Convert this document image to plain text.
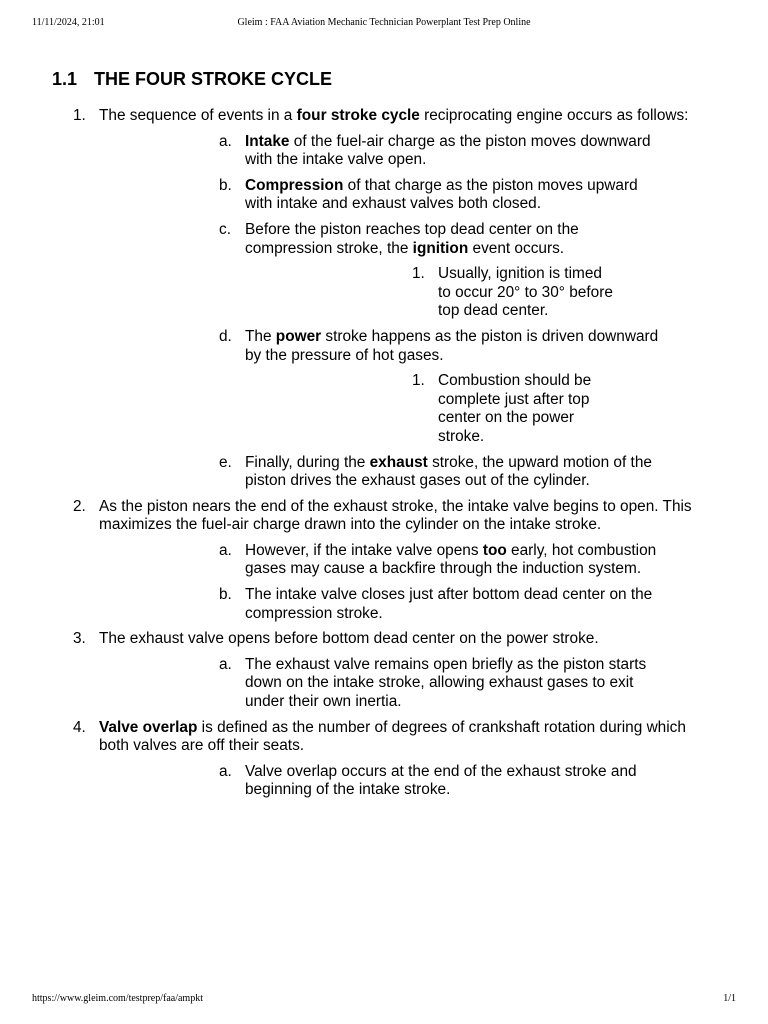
11/11/2024, 21:01	Gleim : FAA Aviation Mechanic Technician Powerplant Test Prep Online
1.1 THE FOUR STROKE CYCLE
1. The sequence of events in a four stroke cycle reciprocating engine occurs as follows:
a. Intake of the fuel-air charge as the piston moves downward with the intake valve open.
b. Compression of that charge as the piston moves upward with intake and exhaust valves both closed.
c. Before the piston reaches top dead center on the compression stroke, the ignition event occurs.
1. Usually, ignition is timed to occur 20° to 30° before top dead center.
d. The power stroke happens as the piston is driven downward by the pressure of hot gases.
1. Combustion should be complete just after top center on the power stroke.
e. Finally, during the exhaust stroke, the upward motion of the piston drives the exhaust gases out of the cylinder.
2. As the piston nears the end of the exhaust stroke, the intake valve begins to open. This maximizes the fuel-air charge drawn into the cylinder on the intake stroke.
a. However, if the intake valve opens too early, hot combustion gases may cause a backfire through the induction system.
b. The intake valve closes just after bottom dead center on the compression stroke.
3. The exhaust valve opens before bottom dead center on the power stroke.
a. The exhaust valve remains open briefly as the piston starts down on the intake stroke, allowing exhaust gases to exit under their own inertia.
4. Valve overlap is defined as the number of degrees of crankshaft rotation during which both valves are off their seats.
a. Valve overlap occurs at the end of the exhaust stroke and beginning of the intake stroke.
https://www.gleim.com/testprep/faa/ampkt	1/1
